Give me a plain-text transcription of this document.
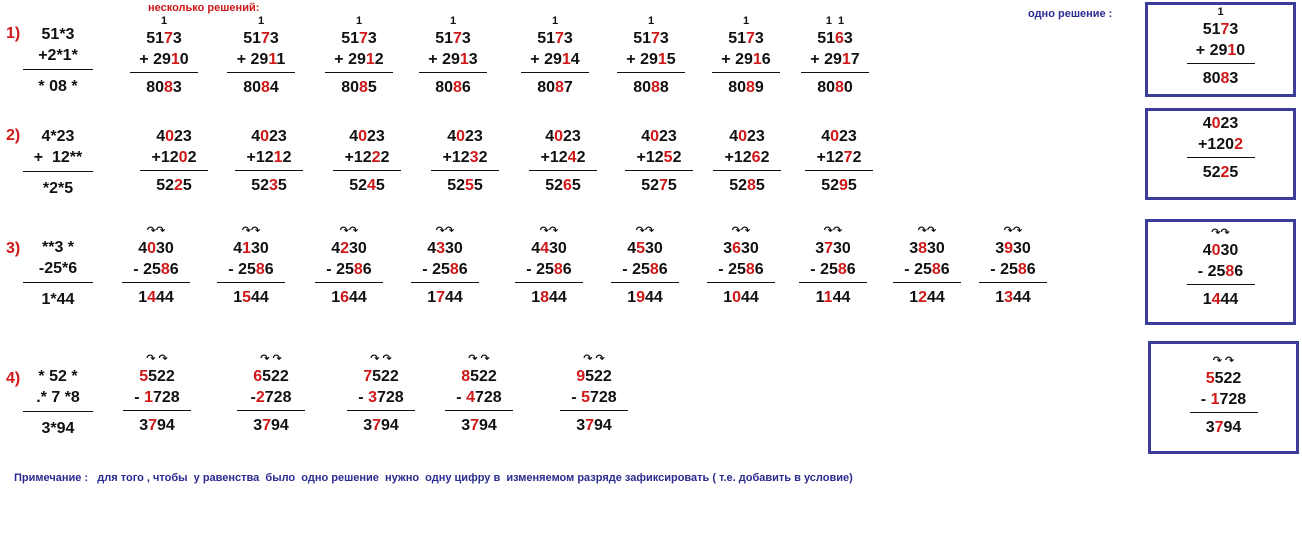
несколько решений:	одно решение :
1)	51*3
+2*1*
* 08 *
1
5173
+ 2910
8083
1
5173
+ 2911
8084
1
5173
+ 2912
8085
1
5173
+ 2913
8086
1
5173
+ 2914
8087
1
5173
+ 2915
8088
1
5173
+ 2916
8089
1  1
5163
+ 2917
8080
2)	4*23
+  12**
*2*5
4023
+1202
5225
4023
+1212
5235
4023
+1222
5245
4023
+1232
5255
4023
+1242
5265
4023
+1252
5275
4023
+1262
5285
4023
+1272
5295
3)	**3 *
-25*6
1*44
↷↷
4030
- 2586
1444
↷↷
4130
- 2586
1544
↷↷
4230
- 2586
1644
↷↷
4330
- 2586
1744
↷↷
4430
- 2586
1844
↷↷
4530
- 2586
1944
↷↷
3630
- 2586
1044
↷↷
3730
- 2586
1144
↷↷
3830
- 2586
1244
↷↷
3930
- 2586
1344
4)	* 52 *
.* 7 *8
3*94
↷ ↷
5522
- 1728
3794
↷ ↷
6522
-2728
3794
↷ ↷
7522
- 3728
3794
↷ ↷
8522
- 4728
3794
↷ ↷
9522
- 5728
3794
1
5173
+ 2910
8083
4023
+1202
5225
↷↷
4030
- 2586
1444
↷ ↷
5522
- 1728
3794
Примечание :   для того , чтобы  у равенства  было  одно решение  нужно  одну цифру в  изменяемом разряде зафиксировать ( т.е. добавить в условие)
